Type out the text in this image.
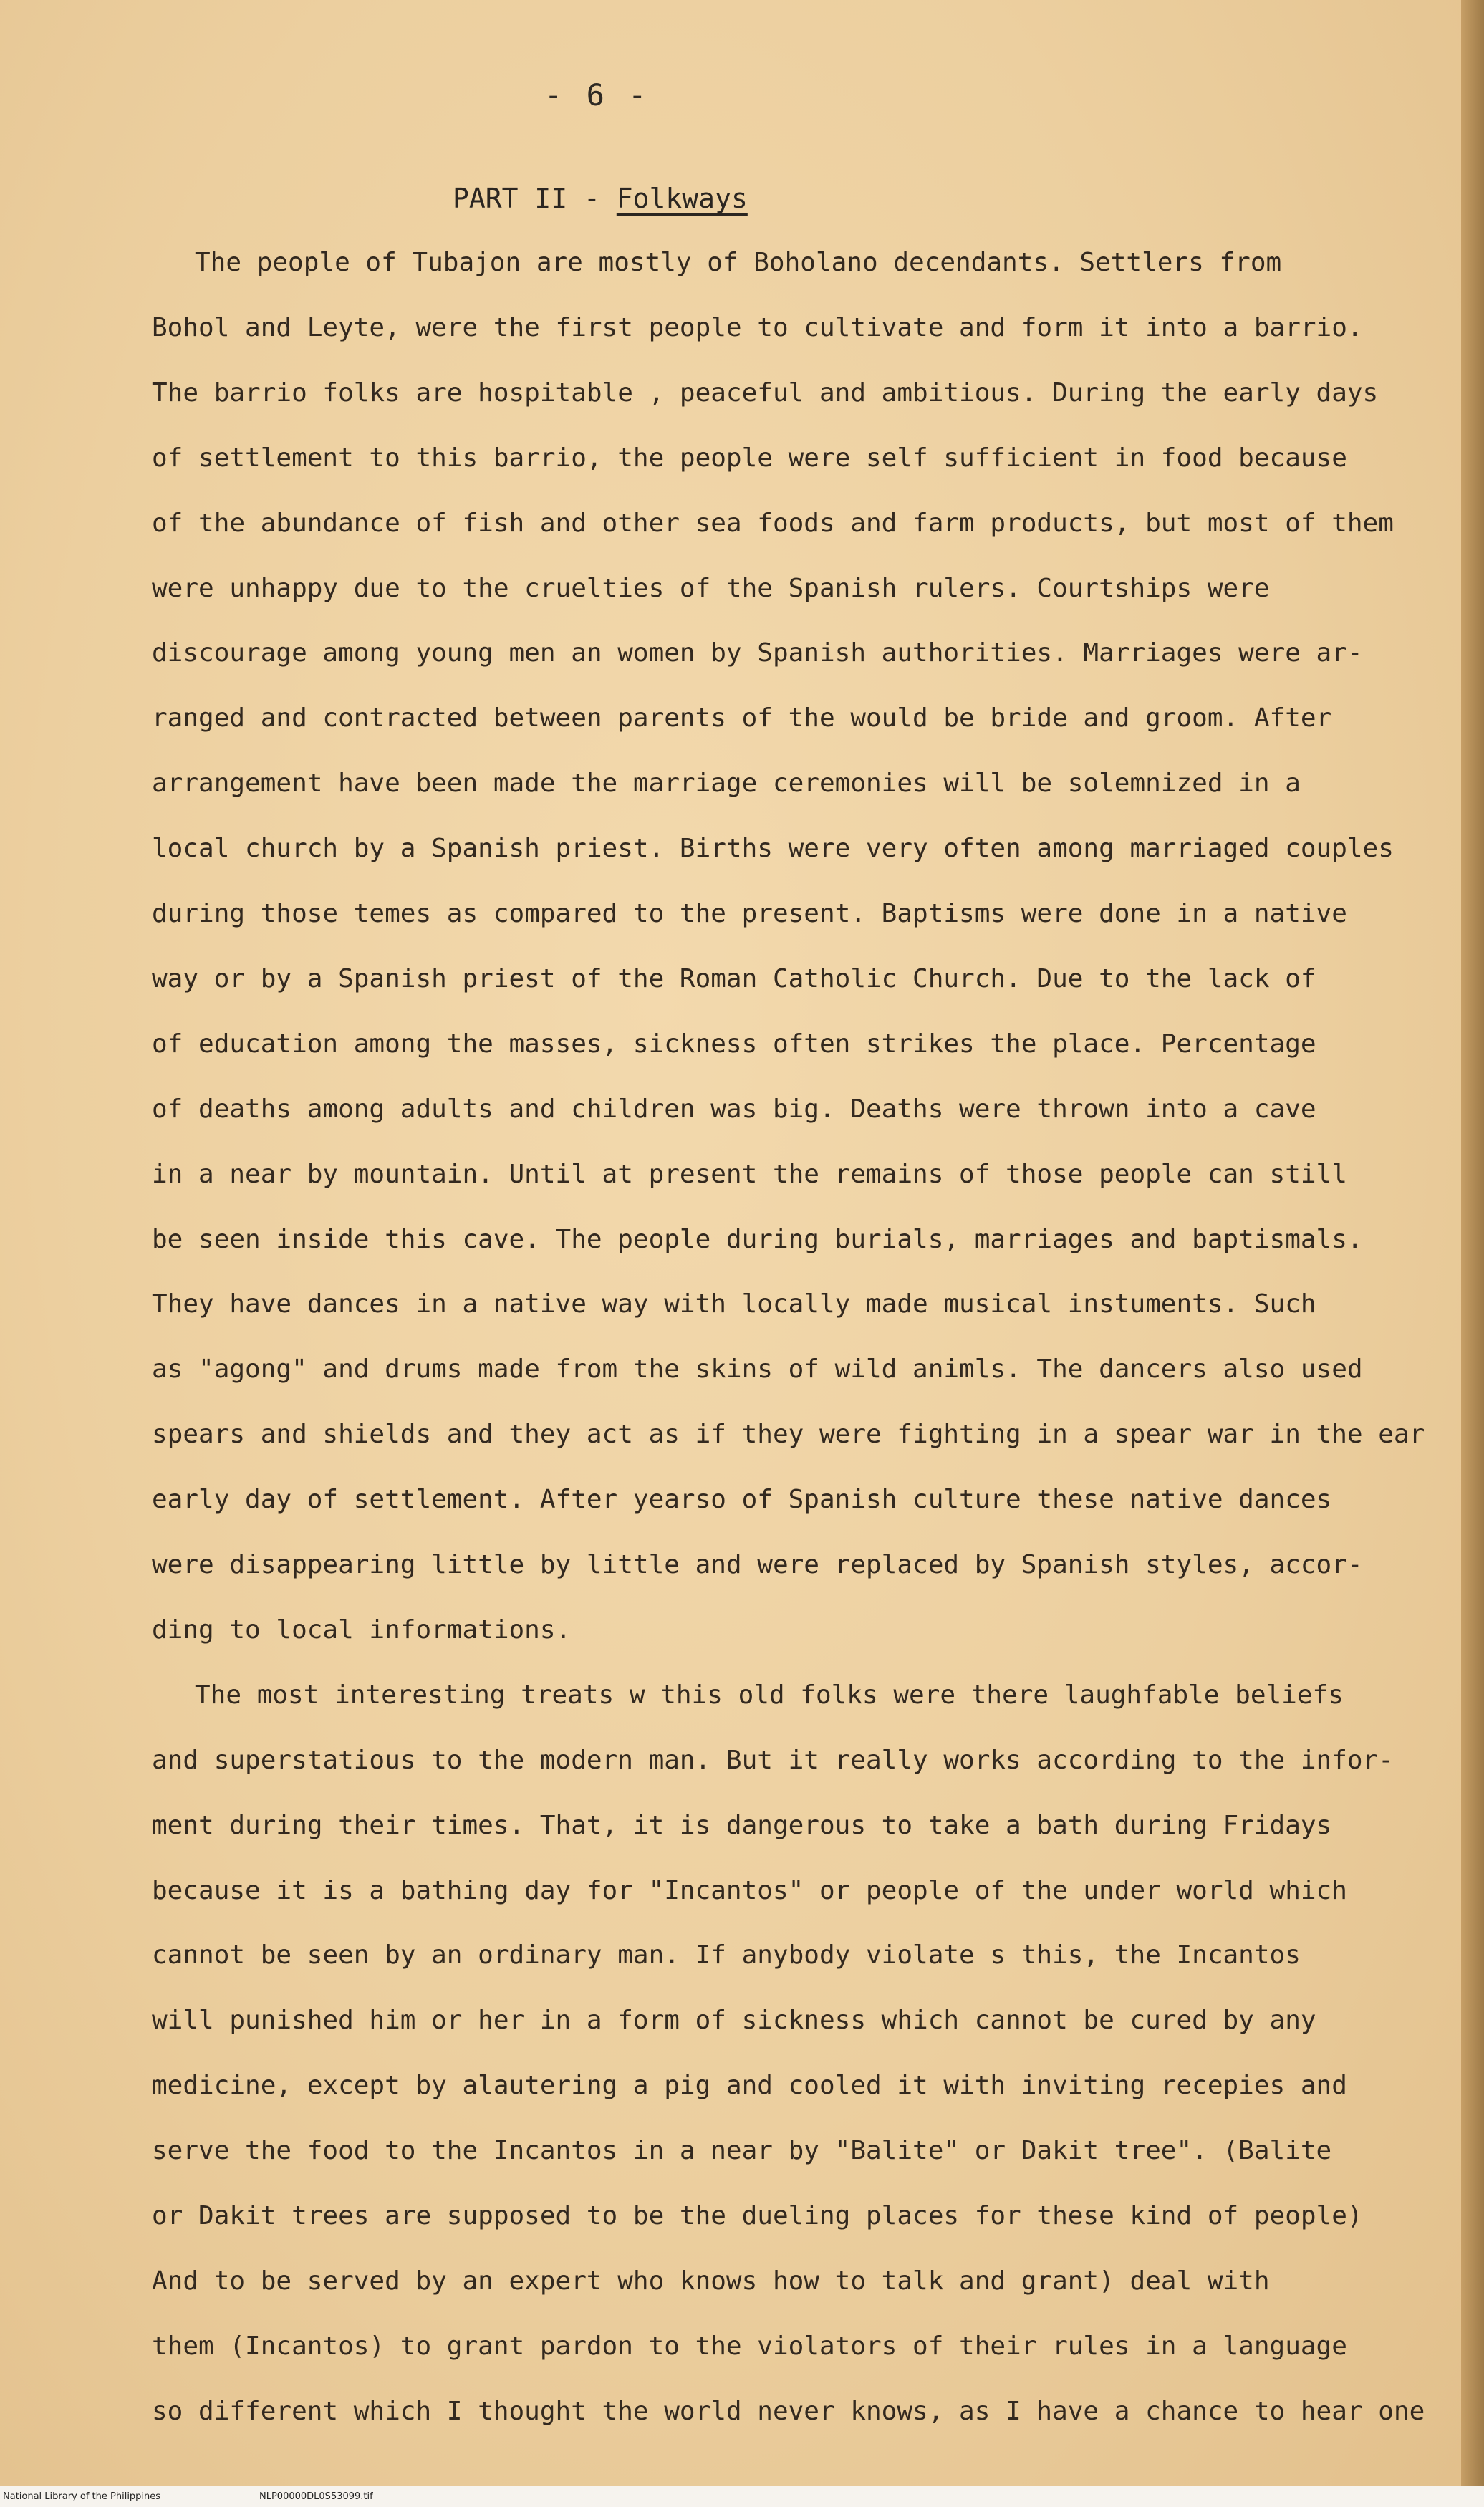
- 6 -
PART II - Folkways
The people of Tubajon are mostly of Boholano decendants. Settlers from
Bohol and Leyte, were the first people to cultivate and form it into a barrio.
The barrio folks are hospitable , peaceful and ambitious. During the early days
of settlement to this barrio, the people were self sufficient in food because
of the abundance of fish and other sea foods and farm products, but most of them
were unhappy due to the cruelties of the Spanish rulers. Courtships were
discourage among young men an women by Spanish authorities. Marriages were ar-
ranged and contracted between parents of the would be bride and groom. After
arrangement have been made the marriage ceremonies will be solemnized in a
local church by a Spanish priest. Births were very often among marriaged couples
during those temes as compared to the present. Baptisms were done in a native
way or by a Spanish priest of the Roman Catholic Church. Due to the lack of
of education among the masses, sickness often strikes the place. Percentage
of deaths among adults and children was big. Deaths were thrown into a cave
in a near by mountain. Until at present the remains of those people can still
be seen inside this cave. The people during burials, marriages and baptismals.
They have dances in a native way with locally made musical instuments. Such
as "agong" and drums made from the skins of wild animls. The dancers also used
spears and shields and they act as if they were fighting in a spear war in the ear
early day of settlement. After yearso of Spanish culture these native dances
were disappearing little by little and were replaced by Spanish styles, accor-
ding to local informations.
The most interesting treats w this old folks were there laughfable beliefs
and superstatious to the modern man. But it really works according to the infor-
ment during their times. That, it is dangerous to take a bath during Fridays
because it is a bathing day for "Incantos" or people of the under world which
cannot be seen by an ordinary man. If anybody violate s this, the Incantos
will punished him or her in a form of sickness which cannot be cured by any
medicine, except by alautering a pig and cooled it with inviting recepies and
serve the food to the Incantos in a near by "Balite" or Dakit tree". (Balite
or Dakit trees are supposed to be the dueling places for these kind of people)
And to be served by an expert who knows how to talk and grant) deal with
them (Incantos) to grant pardon to the violators of their rules in a language
so different which I thought the world never knows, as I have a chance to hear one
National Library of the Philippines	NLP00000DL0S53099.tif
